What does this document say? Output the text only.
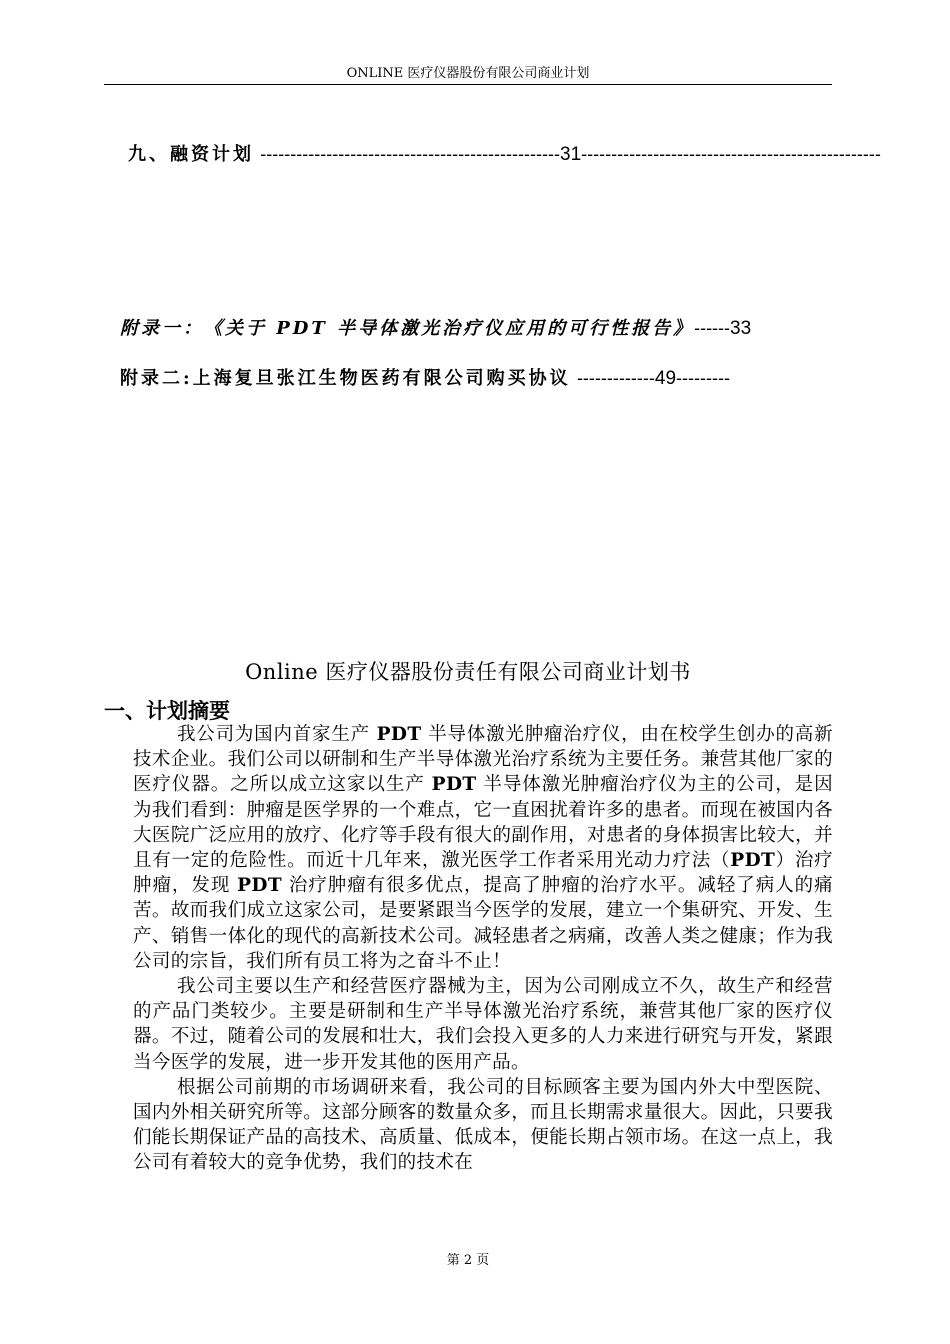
ONLINE 医疗仪器股份有限公司商业计划
九、融资计划 --------------------------------------------------31--------------------------------------------------
附录一：《关于 PDT 半导体激光治疗仪应用的可行性报告》------33
附录二:上海复旦张江生物医药有限公司购买协议 -------------49---------
Online 医疗仪器股份责任有限公司商业计划书
一、计划摘要

我公司为国内首家生产 PDT 半导体激光肿瘤治疗仪，由在校学生创办的高新技术企业。我们公司以研制和生产半导体激光治疗系统为主要任务。兼营其他厂家的医疗仪器。之所以成立这家以生产 PDT 半导体激光肿瘤治疗仪为主的公司，是因为我们看到：肿瘤是医学界的一个难点，它一直困扰着许多的患者。而现在被国内各大医院广泛应用的放疗、化疗等手段有很大的副作用，对患者的身体损害比较大，并且有一定的危险性。而近十几年来，激光医学工作者采用光动力疗法（PDT）治疗肿瘤，发现 PDT 治疗肿瘤有很多优点，提高了肿瘤的治疗水平。减轻了病人的痛苦。故而我们成立这家公司，是要紧跟当今医学的发展，建立一个集研究、开发、生产、销售一体化的现代的高新技术公司。减轻患者之病痛，改善人类之健康；作为我公司的宗旨，我们所有员工将为之奋斗不止！

我公司主要以生产和经营医疗器械为主，因为公司刚成立不久，故生产和经营的产品门类较少。主要是研制和生产半导体激光治疗系统，兼营其他厂家的医疗仪器。不过，随着公司的发展和壮大，我们会投入更多的人力来进行研究与开发，紧跟当今医学的发展，进一步开发其他的医用产品。

根据公司前期的市场调研来看，我公司的目标顾客主要为国内外大中型医院、国内外相关研究所等。这部分顾客的数量众多，而且长期需求量很大。因此，只要我们能长期保证产品的高技术、高质量、低成本，便能长期占领市场。在这一点上，我公司有着较大的竞争优势，我们的技术在

第 2 页
